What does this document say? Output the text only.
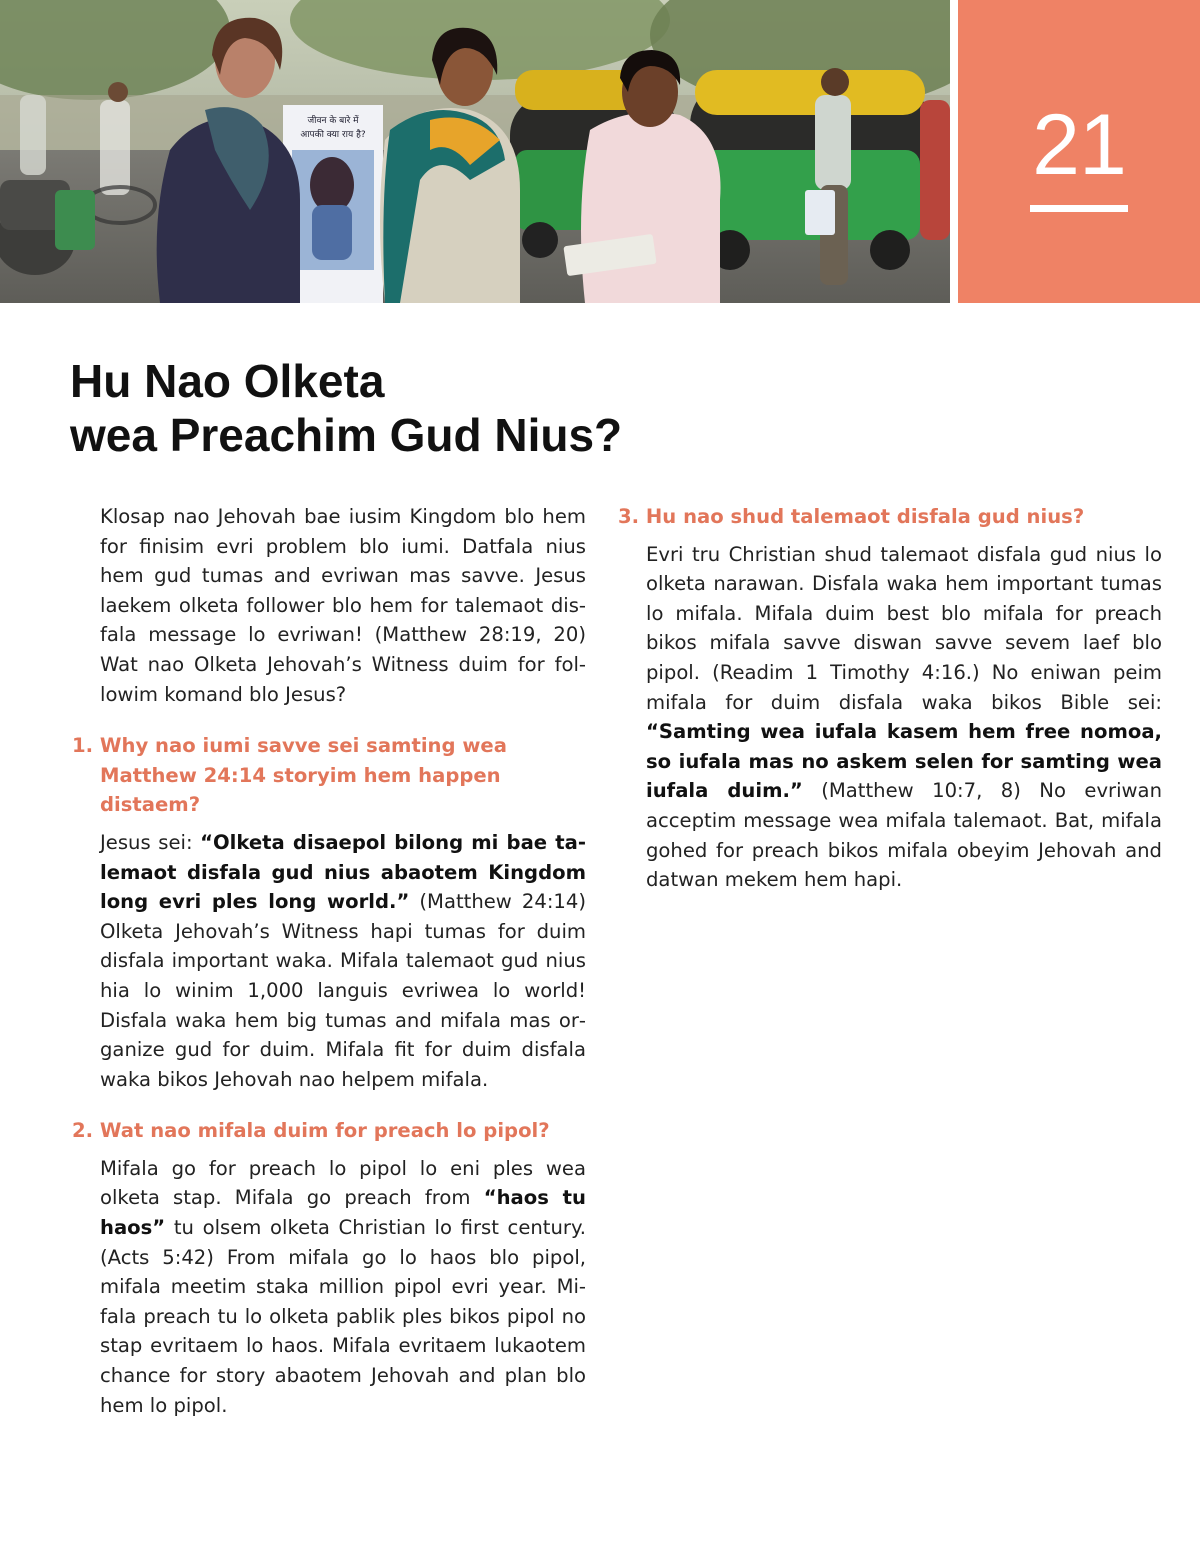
जीवन के बारे में
आपकी क्या राय है?	21
Hu Nao Olketa
wea Preachim Gud Nius?

Klosap nao Jehovah bae iusim Kingdom blo hem for finisim evri problem blo iumi. Datfala nius hem gud tumas and evriwan mas savve. Jesus laekem olketa follower blo hem for talemaot disfala message lo evriwan! (Matthew 28:19, 20) Wat nao Olketa Jehovah’s Witness duim for followim komand blo Jesus?

1. Why nao iumi savve sei samting wea Matthew 24:14 storyim hem happen distaem?

Jesus sei: “Olketa disaepol bilong mi bae talemaot disfala gud nius abaotem Kingdom long evri ples long world.” (Matthew 24:14) Olketa Jehovah’s Witness hapi tumas for duim disfala important waka. Mifala talemaot gud nius hia lo winim 1,000 languis evriwea lo world! Disfala waka hem big tumas and mifala mas organize gud for duim. Mifala fit for duim disfala waka bikos Jehovah nao helpem mifala.

2. Wat nao mifala duim for preach lo pipol?

Mifala go for preach lo pipol lo eni ples wea olketa stap. Mifala go preach from “haos tu haos” tu olsem olketa Christian lo first century. (Acts 5:42) From mifala go lo haos blo pipol, mifala meetim staka million pipol evri year. Mifala preach tu lo olketa pablik ples bikos pipol no stap evritaem lo haos. Mifala evritaem lukaotem chance for story abaotem Jehovah and plan blo hem lo pipol.

3. Hu nao shud talemaot disfala gud nius?

Evri tru Christian shud talemaot disfala gud nius lo olketa narawan. Disfala waka hem important tumas lo mifala. Mifala duim best blo mifala for preach bikos mifala savve diswan savve sevem laef blo pipol. (Readim 1 Timothy 4:16.) No eniwan peim mifala for duim disfala waka bikos Bible sei: “Samting wea iufala kasem hem free nomoa, so iufala mas no askem selen for samting wea iufala duim.” (Matthew 10:7, 8) No evriwan acceptim message wea mifala talemaot. Bat, mifala gohed for preach bikos mifala obeyim Jehovah and datwan mekem hem hapi.
